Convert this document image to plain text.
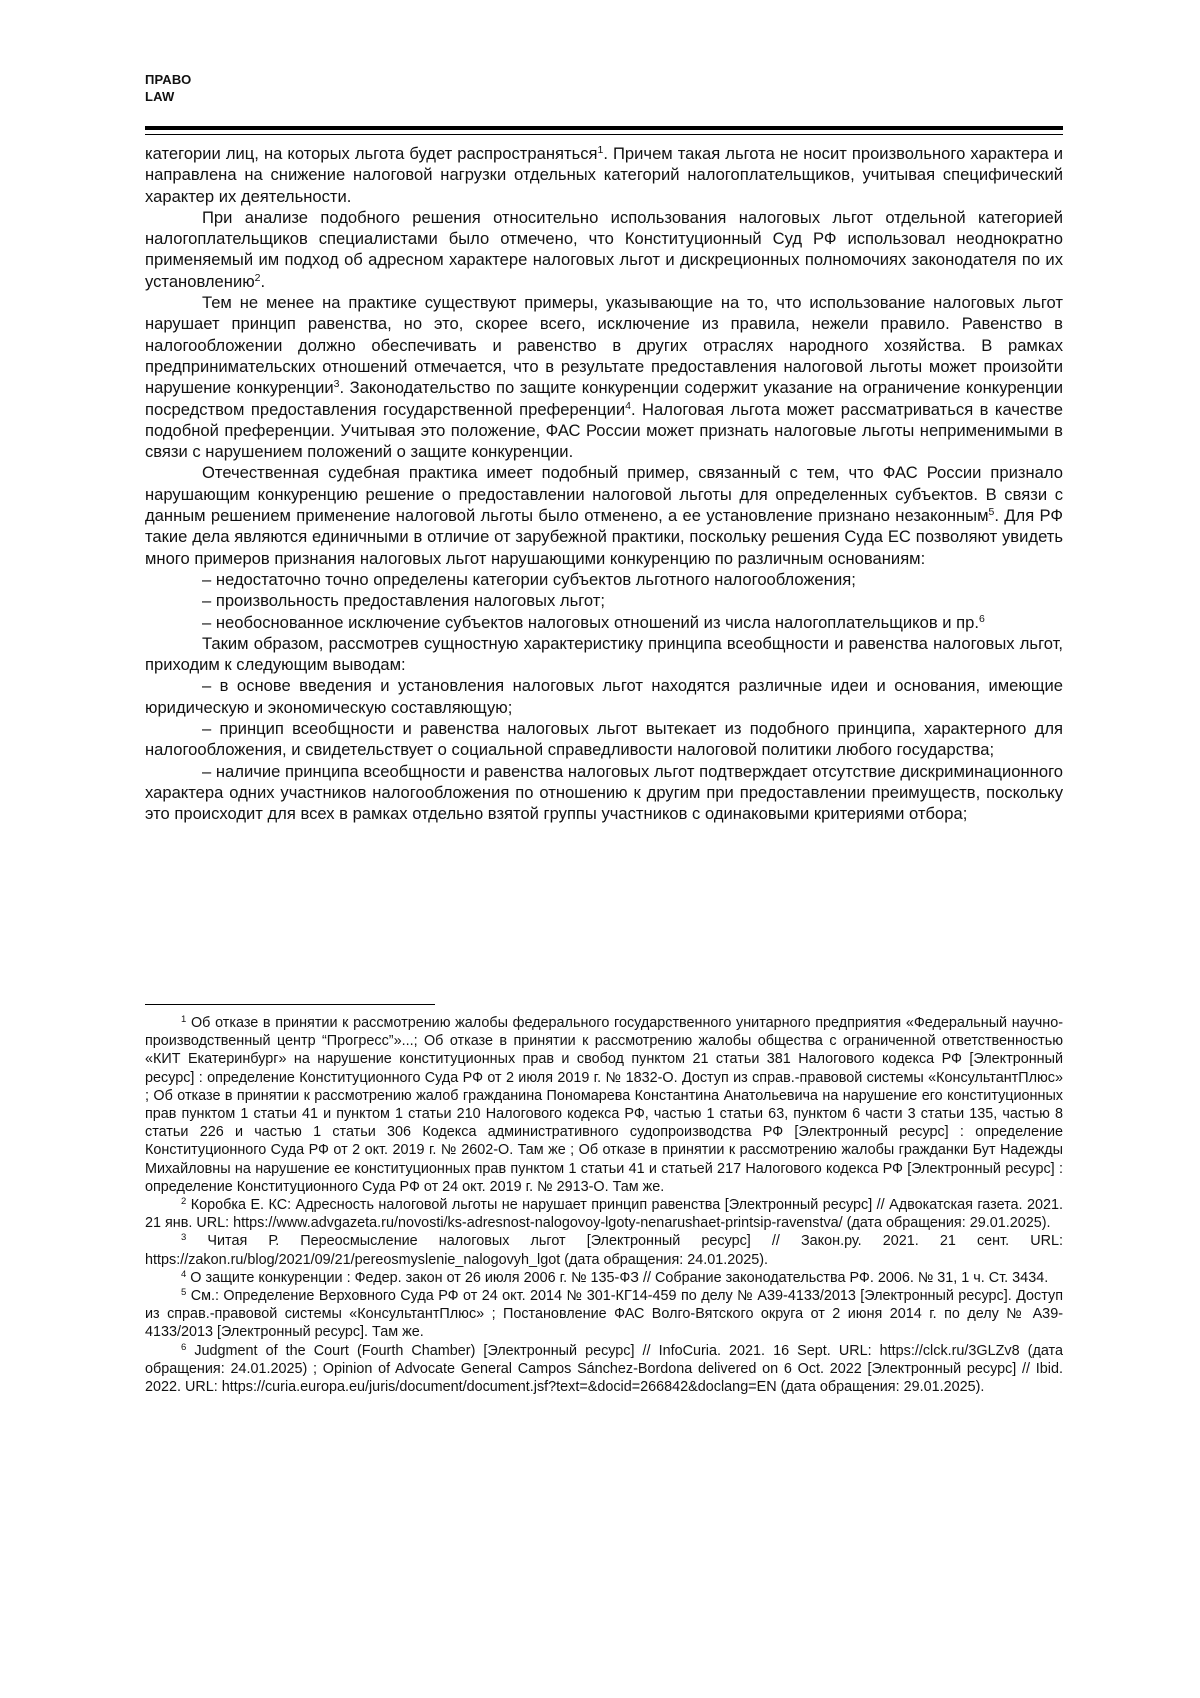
ПРАВО
LAW

категории лиц, на которых льгота будет распространяться$^1$. Причем такая льгота не носит произвольного характера и направлена на снижение налоговой нагрузки отдельных категорий налогоплательщиков, учитывая специфический характер их деятельности.

При анализе подобного решения относительно использования налоговых льгот отдельной категорией налогоплательщиков специалистами было отмечено, что Конституционный Суд РФ использовал неоднократно применяемый им подход об адресном характере налоговых льгот и дискреционных полномочиях законодателя по их установлению$^2$.

Тем не менее на практике существуют примеры, указывающие на то, что использование налоговых льгот нарушает принцип равенства, но это, скорее всего, исключение из правила, нежели правило. Равенство в налогообложении должно обеспечивать и равенство в других отраслях народного хозяйства. В рамках предпринимательских отношений отмечается, что в результате предоставления налоговой льготы может произойти нарушение конкуренции$^3$. Законодательство по защите конкуренции содержит указание на ограничение конкуренции посредством предоставления государственной преференции$^4$. Налоговая льгота может рассматриваться в качестве подобной преференции. Учитывая это положение, ФАС России может признать налоговые льготы неприменимыми в связи с нарушением положений о защите конкуренции.

Отечественная судебная практика имеет подобный пример, связанный с тем, что ФАС России признало нарушающим конкуренцию решение о предоставлении налоговой льготы для определенных субъектов. В связи с данным решением применение налоговой льготы было отменено, а ее установление признано незаконным$^5$. Для РФ такие дела являются единичными в отличие от зарубежной практики, поскольку решения Суда ЕС позволяют увидеть много примеров признания налоговых льгот нарушающими конкуренцию по различным основаниям:

– недостаточно точно определены категории субъектов льготного налогообложения;

– произвольность предоставления налоговых льгот;

– необоснованное исключение субъектов налоговых отношений из числа налогоплательщиков и пр.$^6$

Таким образом, рассмотрев сущностную характеристику принципа всеобщности и равенства налоговых льгот, приходим к следующим выводам:

– в основе введения и установления налоговых льгот находятся различные идеи и основания, имеющие юридическую и экономическую составляющую;

– принцип всеобщности и равенства налоговых льгот вытекает из подобного принципа, характерного для налогообложения, и свидетельствует о социальной справедливости налоговой политики любого государства;

– наличие принципа всеобщности и равенства налоговых льгот подтверждает отсутствие дискриминационного характера одних участников налогообложения по отношению к другим при предоставлении преимуществ, поскольку это происходит для всех в рамках отдельно взятой группы участников с одинаковыми критериями отбора;

$^1$ Об отказе в принятии к рассмотрению жалобы федерального государственного унитарного предприятия «Федеральный научно-производственный центр “Прогресс”»...; Об отказе в принятии к рассмотрению жалобы общества с ограниченной ответственностью «КИТ Екатеринбург» на нарушение конституционных прав и свобод пунктом 21 статьи 381 Налогового кодекса РФ [Электронный ресурс] : определение Конституционного Суда РФ от 2 июля 2019 г. № 1832-О. Доступ из справ.-правовой системы «КонсультантПлюс» ; Об отказе в принятии к рассмотрению жалоб гражданина Пономарева Константина Анатольевича на нарушение его конституционных прав пунктом 1 статьи 41 и пунктом 1 статьи 210 Налогового кодекса РФ, частью 1 статьи 63, пунктом 6 части 3 статьи 135, частью 8 статьи 226 и частью 1 статьи 306 Кодекса административного судопроизводства РФ [Электронный ресурс] : определение Конституционного Суда РФ от 2 окт. 2019 г. № 2602-О. Там же ; Об отказе в принятии к рассмотрению жалобы гражданки Бут Надежды Михайловны на нарушение ее конституционных прав пунктом 1 статьи 41 и статьей 217 Налогового кодекса РФ [Электронный ресурс] : определение Конституционного Суда РФ от 24 окт. 2019 г. № 2913-О. Там же.

$^2$ Коробка Е. КС: Адресность налоговой льготы не нарушает принцип равенства [Электронный ресурс] // Адвокатская газета. 2021. 21 янв. URL: https://www.advgazeta.ru/novosti/ks-adresnost-nalogovoy-lgoty-nenarushaet-printsip-ravenstva/ (дата обращения: 29.01.2025).

$^3$ Читая Р. Переосмысление налоговых льгот [Электронный ресурс] // Закон.ру. 2021. 21 сент. URL: https://zakon.ru/blog/2021/09/21/pereosmyslenie_nalogovyh_lgot (дата обращения: 24.01.2025).

$^4$ О защите конкуренции : Федер. закон от 26 июля 2006 г. № 135-ФЗ // Собрание законодательства РФ. 2006. № 31, 1 ч. Ст. 3434.

$^5$ См.: Определение Верховного Суда РФ от 24 окт. 2014 № 301-КГ14-459 по делу № А39-4133/2013 [Электронный ресурс]. Доступ из справ.-правовой системы «КонсультантПлюс» ; Постановление ФАС Волго-Вятского округа от 2 июня 2014 г. по делу № А39-4133/2013 [Электронный ресурс]. Там же.

$^6$ Judgment of the Court (Fourth Chamber) [Электронный ресурс] // InfoCuria. 2021. 16 Sept. URL: https://clck.ru/3GLZv8 (дата обращения: 24.01.2025) ; Opinion of Advocate General Campos Sánchez-Bordona delivered on 6 Oct. 2022 [Электронный ресурс] // Ibid. 2022. URL: https://curia.europa.eu/juris/document/document.jsf?text=&docid=266842&doclang=EN (дата обращения: 29.01.2025).
